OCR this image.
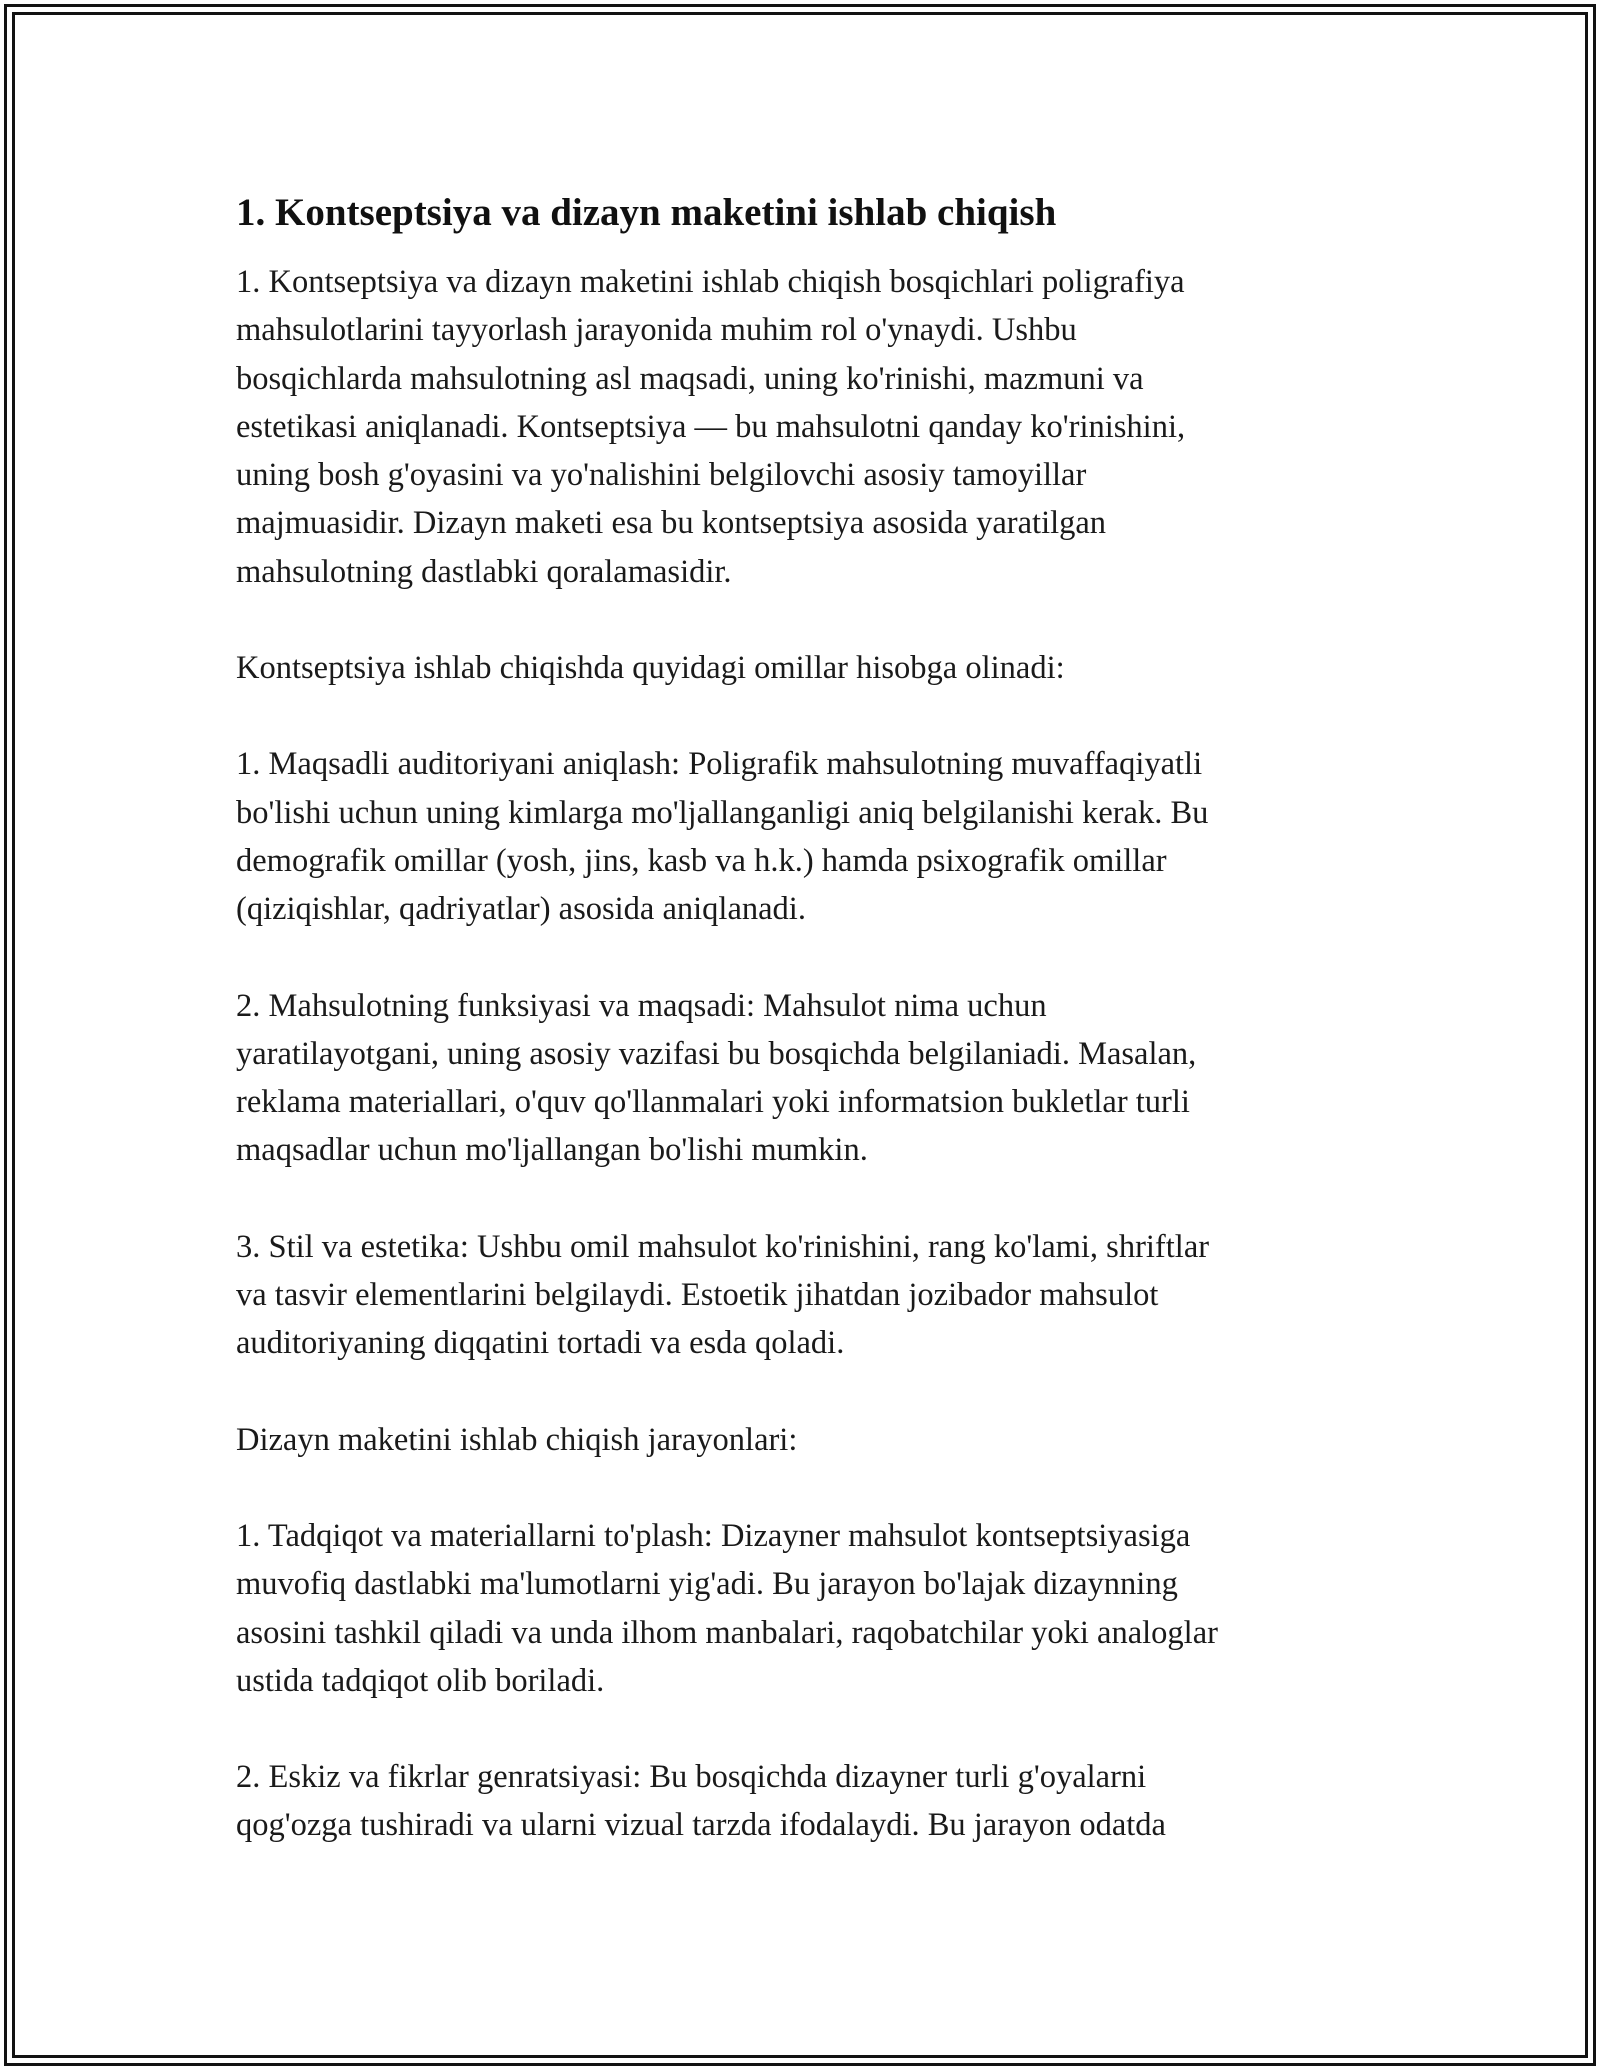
1. Kontseptsiya va dizayn maketini ishlab chiqish

1. Kontseptsiya va dizayn maketini ishlab chiqish bosqichlari poligrafiya
mahsulotlarini tayyorlash jarayonida muhim rol o'ynaydi. Ushbu
bosqichlarda mahsulotning asl maqsadi, uning ko'rinishi, mazmuni va
estetikasi aniqlanadi. Kontseptsiya — bu mahsulotni qanday ko'rinishini,
uning bosh g'oyasini va yo'nalishini belgilovchi asosiy tamoyillar
majmuasidir. Dizayn maketi esa bu kontseptsiya asosida yaratilgan
mahsulotning dastlabki qoralamasidir.

Kontseptsiya ishlab chiqishda quyidagi omillar hisobga olinadi:

1. Maqsadli auditoriyani aniqlash: Poligrafik mahsulotning muvaffaqiyatli
bo'lishi uchun uning kimlarga mo'ljallanganligi aniq belgilanishi kerak. Bu
demografik omillar (yosh, jins, kasb va h.k.) hamda psixografik omillar
(qiziqishlar, qadriyatlar) asosida aniqlanadi.

2. Mahsulotning funksiyasi va maqsadi: Mahsulot nima uchun
yaratilayotgani, uning asosiy vazifasi bu bosqichda belgilaniadi. Masalan,
reklama materiallari, o'quv qo'llanmalari yoki informatsion bukletlar turli
maqsadlar uchun mo'ljallangan bo'lishi mumkin.

3. Stil va estetika: Ushbu omil mahsulot ko'rinishini, rang ko'lami, shriftlar
va tasvir elementlarini belgilaydi. Estoetik jihatdan jozibador mahsulot
auditoriyaning diqqatini tortadi va esda qoladi.

Dizayn maketini ishlab chiqish jarayonlari:

1. Tadqiqot va materiallarni to'plash: Dizayner mahsulot kontseptsiyasiga
muvofiq dastlabki ma'lumotlarni yig'adi. Bu jarayon bo'lajak dizaynning
asosini tashkil qiladi va unda ilhom manbalari, raqobatchilar yoki analoglar
ustida tadqiqot olib boriladi.

2. Eskiz va fikrlar genratsiyasi: Bu bosqichda dizayner turli g'oyalarni
qog'ozga tushiradi va ularni vizual tarzda ifodalaydi. Bu jarayon odatda
